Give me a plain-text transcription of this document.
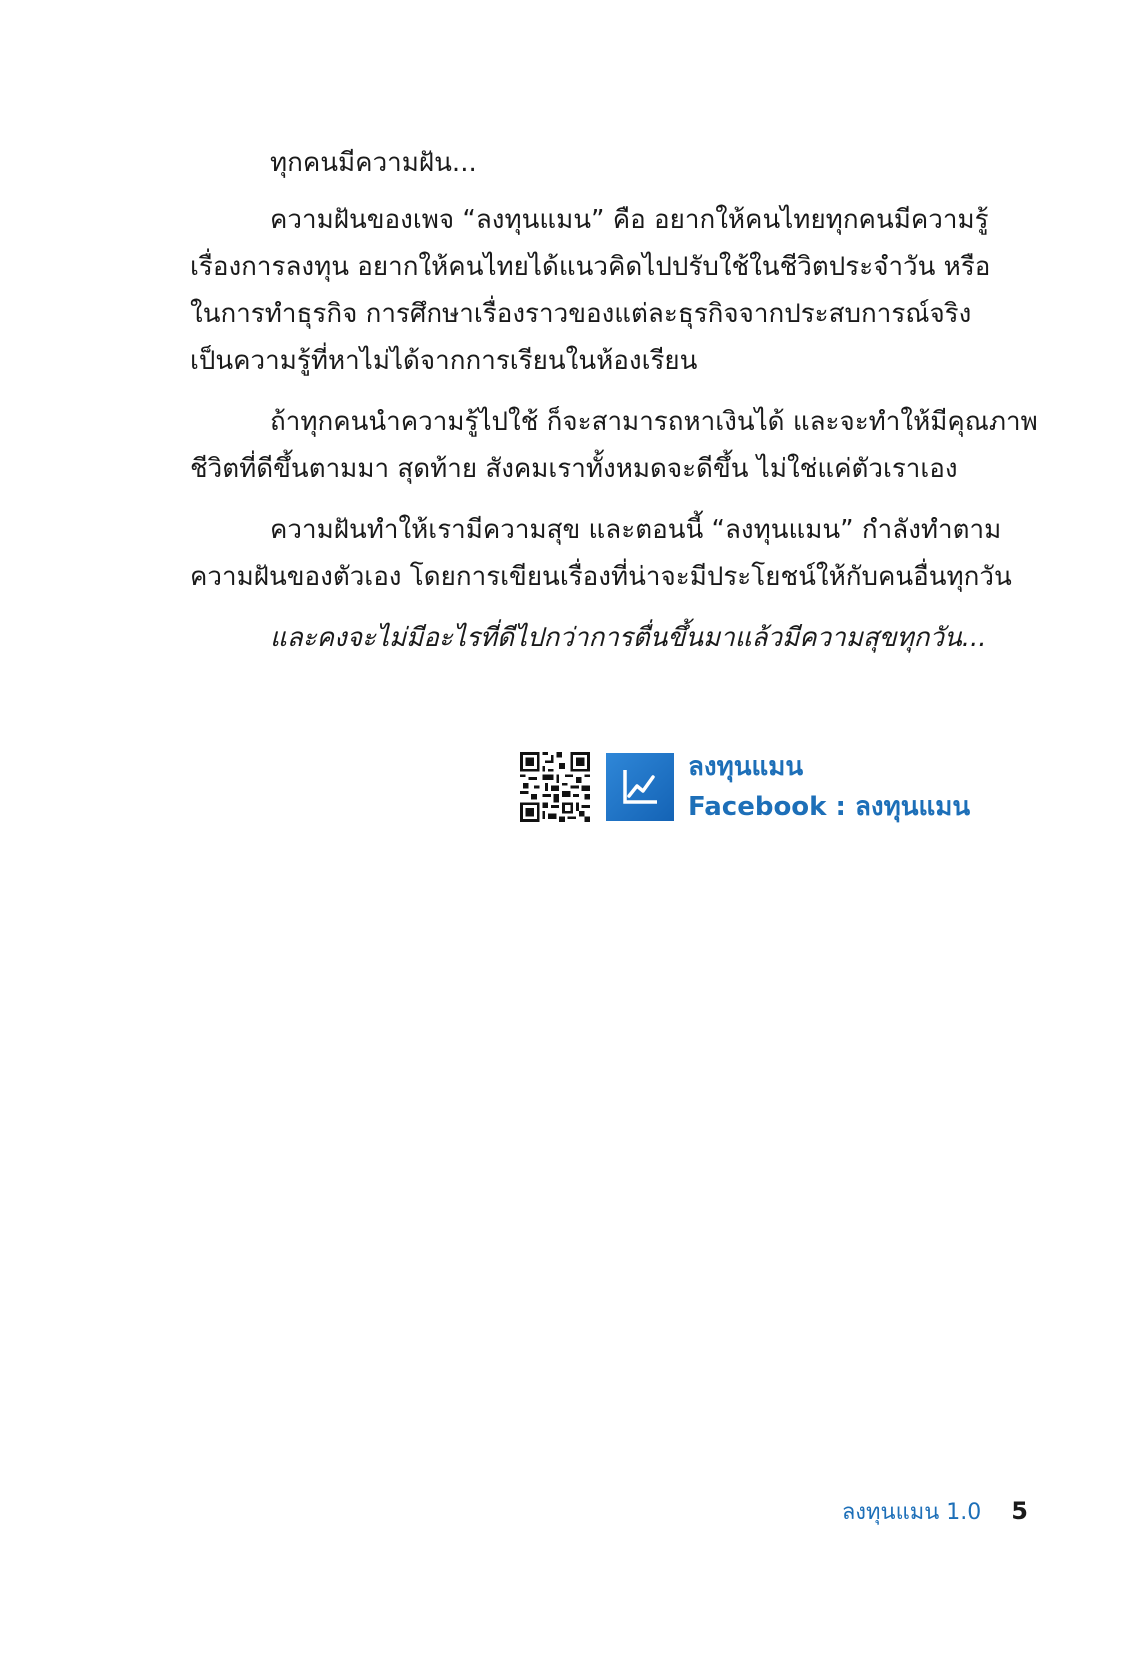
ทุกคนมีความฝัน...

ความฝันของเพจ “ลงทุนแมน” คือ อยากให้คนไทยทุกคนมีความรู้
เรื่องการลงทุน อยากให้คนไทยได้แนวคิดไปปรับใช้ในชีวิตประจำวัน หรือ
ในการทำธุรกิจ การศึกษาเรื่องราวของแต่ละธุรกิจจากประสบการณ์จริง
เป็นความรู้ที่หาไม่ได้จากการเรียนในห้องเรียน

ถ้าทุกคนนำความรู้ไปใช้ ก็จะสามารถหาเงินได้ และจะทำให้มีคุณภาพ
ชีวิตที่ดีขึ้นตามมา สุดท้าย สังคมเราทั้งหมดจะดีขึ้น ไม่ใช่แค่ตัวเราเอง

ความฝันทำให้เรามีความสุข และตอนนี้ “ลงทุนแมน” กำลังทำตาม
ความฝันของตัวเอง โดยการเขียนเรื่องที่น่าจะมีประโยชน์ให้กับคนอื่นทุกวัน

และคงจะไม่มีอะไรที่ดีไปกว่าการตื่นขึ้นมาแล้วมีความสุขทุกวัน...

ลงทุนแมน
Facebook : ลงทุนแมน
ลงทุนแมน 1.0 5
